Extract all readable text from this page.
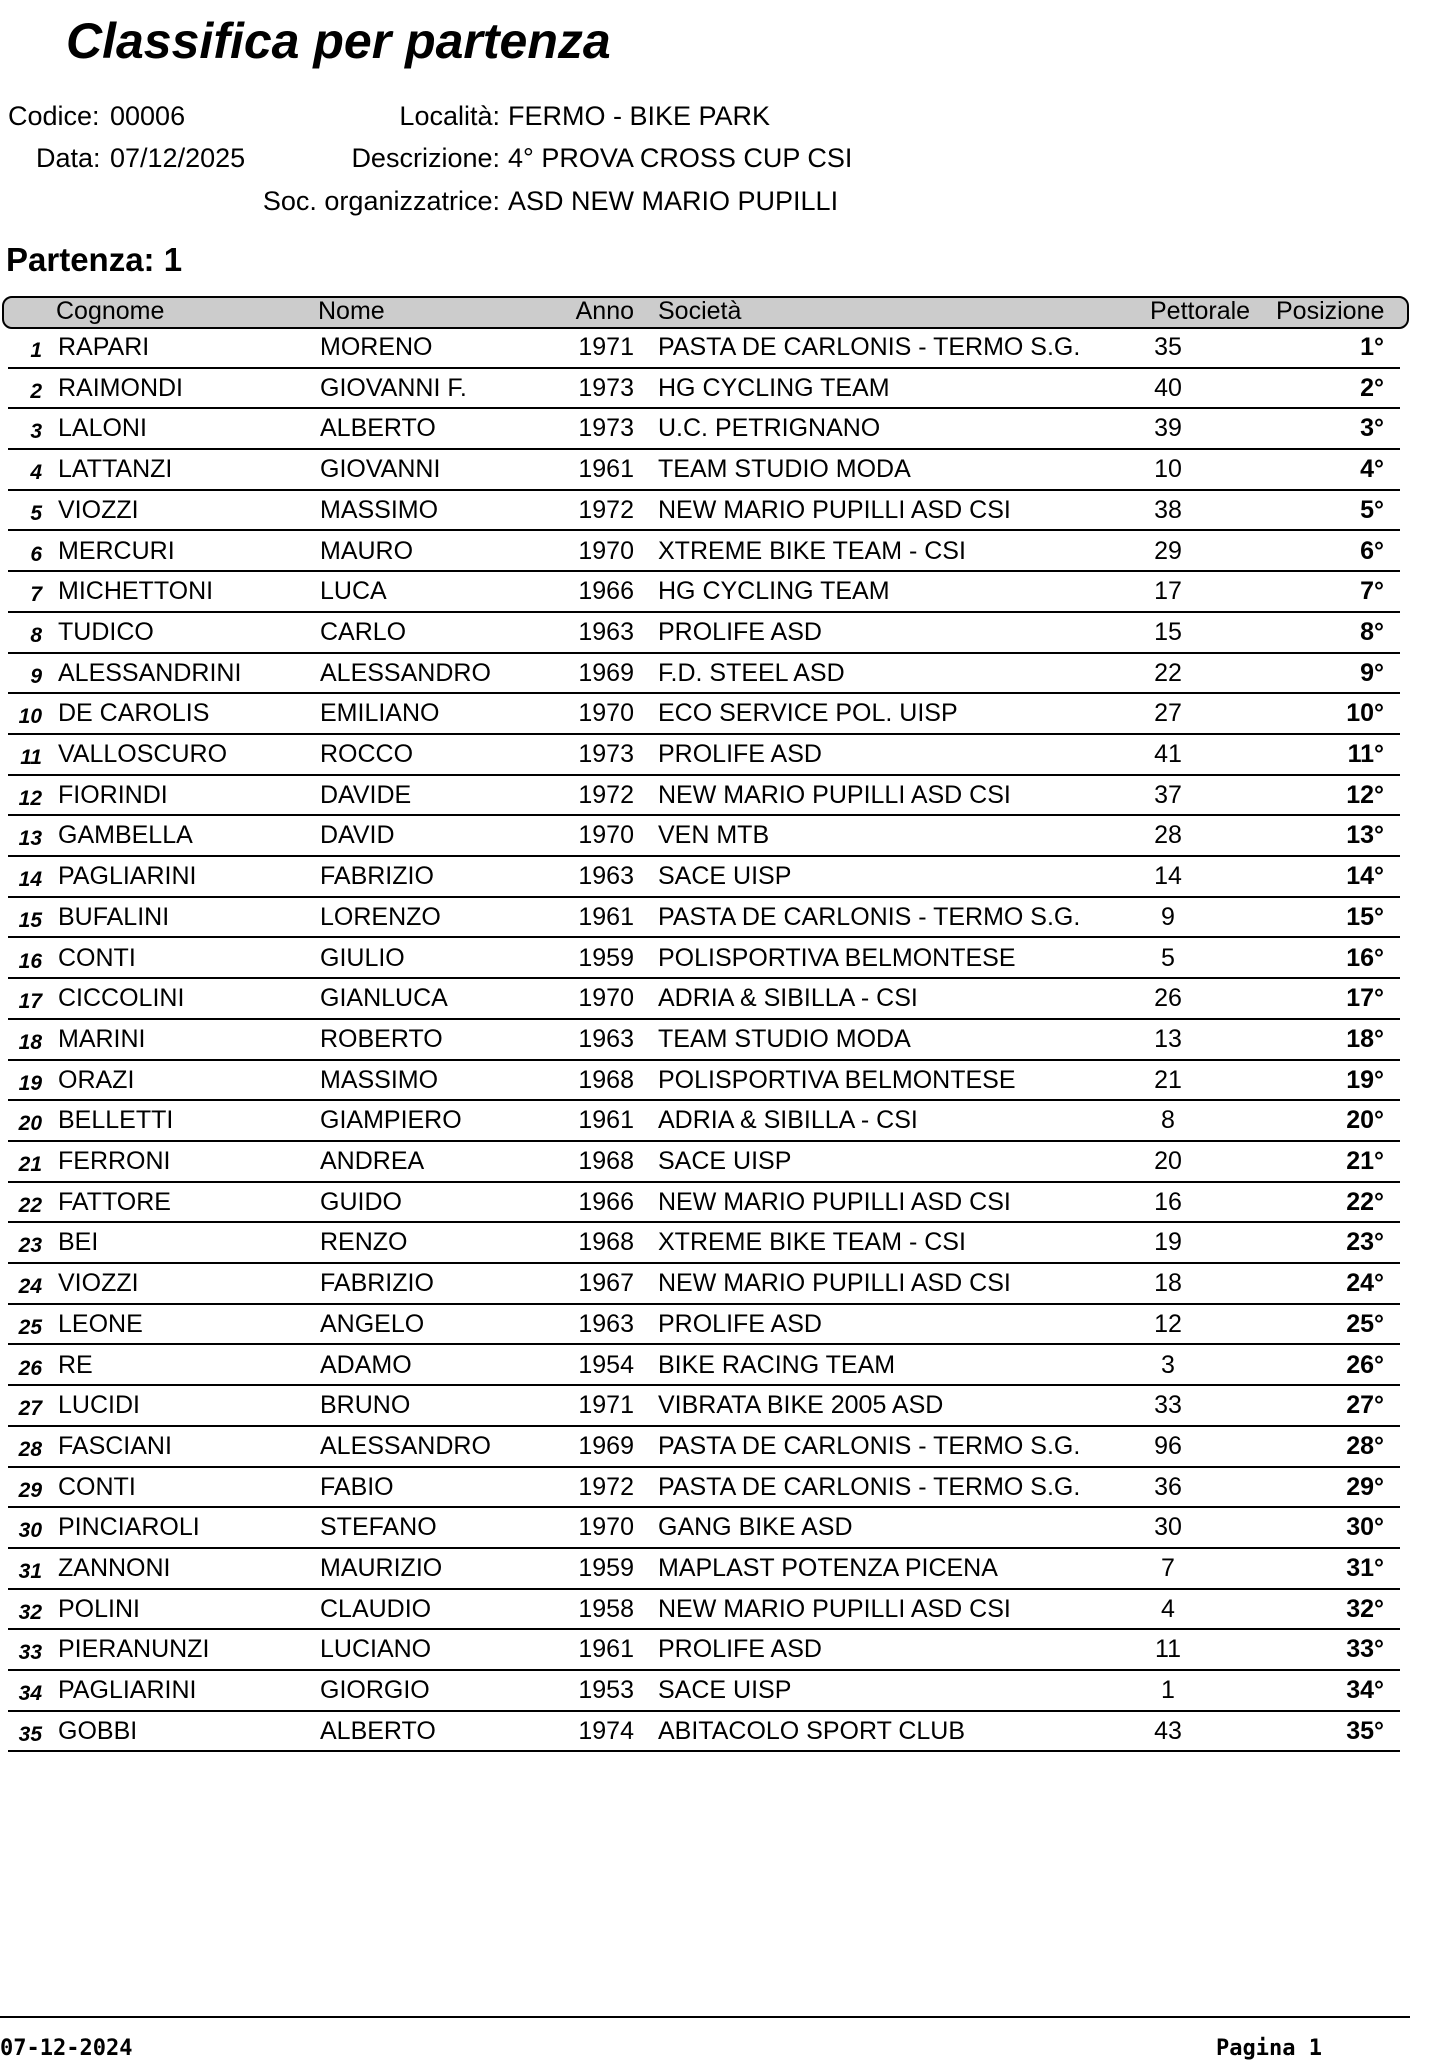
Classifica per partenza
Codice: 00006
Data: 07/12/2025
Località: FERMO - BIKE PARK
Descrizione: 4° PROVA CROSS CUP CSI
Soc. organizzatrice: ASD NEW MARIO PUPILLI
Partenza: 1
Cognome	Nome	Anno Società	Pettorale Posizione
1 RAPARI	MORENO	1971 PASTA DE CARLONIS - TERMO S.G.	35	1°
2 RAIMONDI	GIOVANNI F.	1973 HG CYCLING TEAM	40	2°
3 LALONI	ALBERTO	1973 U.C. PETRIGNANO	39	3°
4 LATTANZI	GIOVANNI	1961 TEAM STUDIO MODA	10	4°
5 VIOZZI	MASSIMO	1972 NEW MARIO PUPILLI ASD CSI	38	5°
6 MERCURI	MAURO	1970 XTREME BIKE TEAM - CSI	29	6°
7 MICHETTONI	LUCA	1966 HG CYCLING TEAM	17	7°
8 TUDICO	CARLO	1963 PROLIFE ASD	15	8°
9 ALESSANDRINI	ALESSANDRO	1969 F.D. STEEL ASD	22	9°
10 DE CAROLIS	EMILIANO	1970 ECO SERVICE POL. UISP	27	10°
11 VALLOSCURO	ROCCO	1973 PROLIFE ASD	41	11°
12 FIORINDI	DAVIDE	1972 NEW MARIO PUPILLI ASD CSI	37	12°
13 GAMBELLA	DAVID	1970 VEN MTB	28	13°
14 PAGLIARINI	FABRIZIO	1963 SACE UISP	14	14°
15 BUFALINI	LORENZO	1961 PASTA DE CARLONIS - TERMO S.G.	9	15°
16 CONTI	GIULIO	1959 POLISPORTIVA BELMONTESE	5	16°
17 CICCOLINI	GIANLUCA	1970 ADRIA & SIBILLA - CSI	26	17°
18 MARINI	ROBERTO	1963 TEAM STUDIO MODA	13	18°
19 ORAZI	MASSIMO	1968 POLISPORTIVA BELMONTESE	21	19°
20 BELLETTI	GIAMPIERO	1961 ADRIA & SIBILLA - CSI	8	20°
21 FERRONI	ANDREA	1968 SACE UISP	20	21°
22 FATTORE	GUIDO	1966 NEW MARIO PUPILLI ASD CSI	16	22°
23 BEI	RENZO	1968 XTREME BIKE TEAM - CSI	19	23°
24 VIOZZI	FABRIZIO	1967 NEW MARIO PUPILLI ASD CSI	18	24°
25 LEONE	ANGELO	1963 PROLIFE ASD	12	25°
26 RE	ADAMO	1954 BIKE RACING TEAM	3	26°
27 LUCIDI	BRUNO	1971 VIBRATA BIKE 2005 ASD	33	27°
28 FASCIANI	ALESSANDRO	1969 PASTA DE CARLONIS - TERMO S.G.	96	28°
29 CONTI	FABIO	1972 PASTA DE CARLONIS - TERMO S.G.	36	29°
30 PINCIAROLI	STEFANO	1970 GANG BIKE ASD	30	30°
31 ZANNONI	MAURIZIO	1959 MAPLAST POTENZA PICENA	7	31°
32 POLINI	CLAUDIO	1958 NEW MARIO PUPILLI ASD CSI	4	32°
33 PIERANUNZI	LUCIANO	1961 PROLIFE ASD	11	33°
34 PAGLIARINI	GIORGIO	1953 SACE UISP	1	34°
35 GOBBI	ALBERTO	1974 ABITACOLO SPORT CLUB	43	35°
07-12-2024	Pagina 1
